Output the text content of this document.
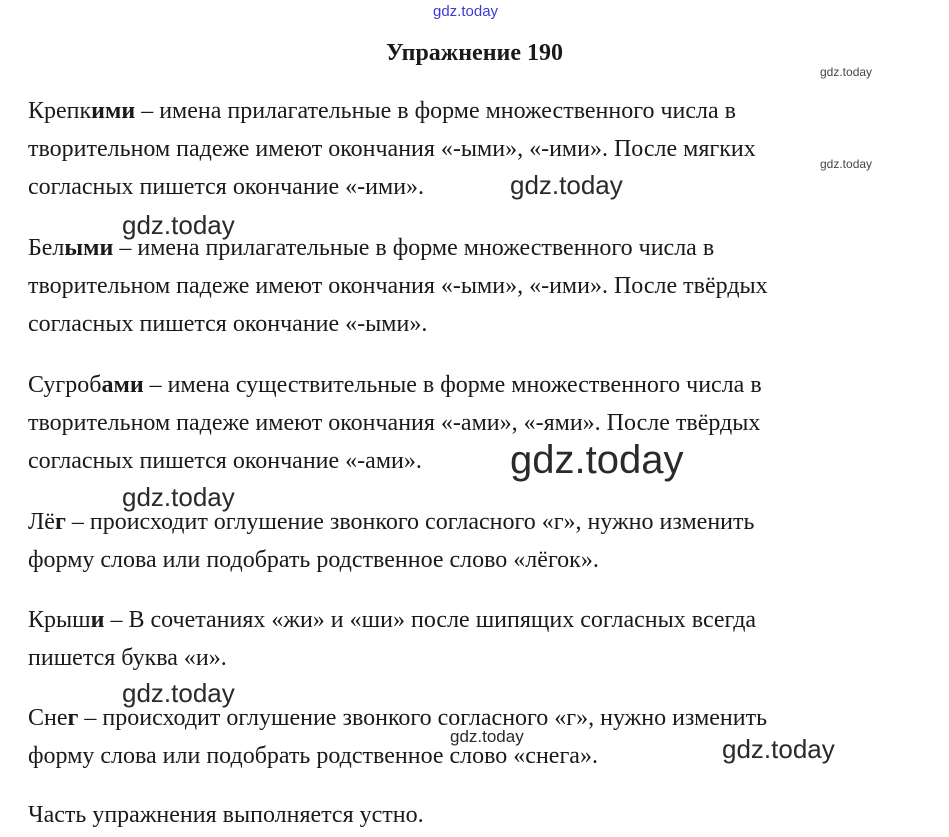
gdz.today
gdz.today
gdz.today
gdz.today
gdz.today
gdz.today
gdz.today
gdz.today
gdz.today	gdz.today
Упражнение 190
Крепкими – имена прилагательные в форме множественного числа в
творительном падеже имеют окончания «-ыми», «-ими». После мягких
согласных пишется окончание «-ими».
Белыми – имена прилагательные в форме множественного числа в
творительном падеже имеют окончания «-ыми», «-ими». После твёрдых
согласных пишется окончание «-ыми».
Сугробами – имена существительные в форме множественного числа в
творительном падеже имеют окончания «-ами», «-ями». После твёрдых
согласных пишется окончание «-ами».
Лёг – происходит оглушение звонкого согласного «г», нужно изменить
форму слова или подобрать родственное слово «лёгок».
Крыши – В сочетаниях «жи» и «ши» после шипящих согласных всегда
пишется буква «и».
Снег – происходит оглушение звонкого согласного «г», нужно изменить
форму слова или подобрать родственное слово «снега».
Часть упражнения выполняется устно.
